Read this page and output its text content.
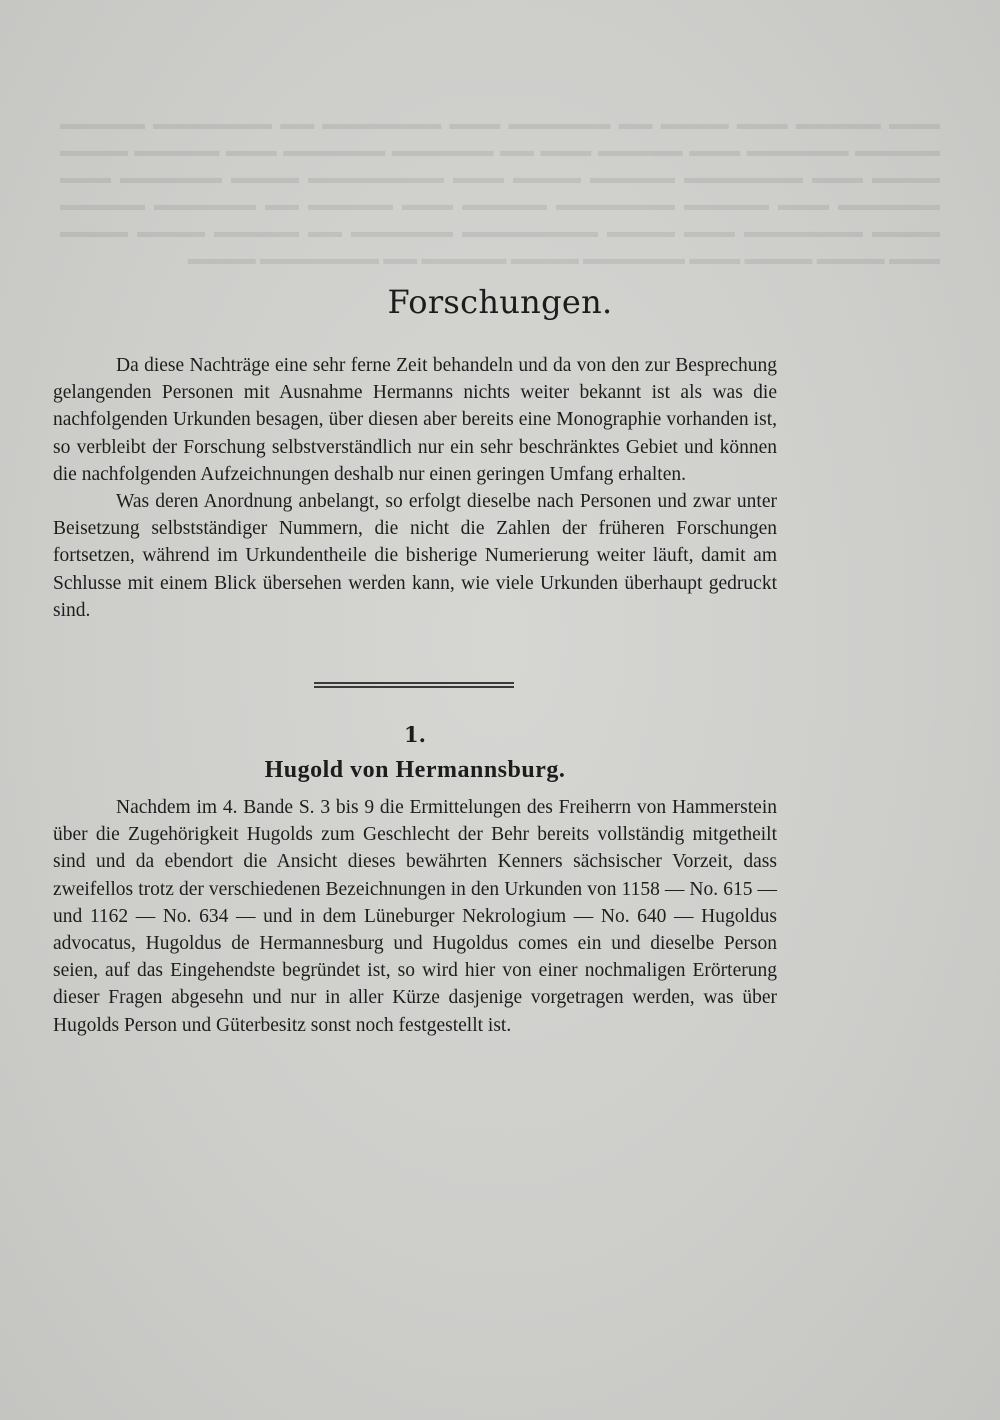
▬▬▬ ▬▬▬▬▬ ▬▬▬ ▬▬▬▬ ▬▬ ▬▬▬▬▬▬ ▬▬▬ ▬▬▬▬▬▬▬ ▬▬ ▬▬▬▬▬▬▬ ▬▬▬▬▬ ▬▬▬▬▬ ▬▬▬▬▬▬ ▬▬▬ ▬▬▬▬▬ ▬▬▬ ▬▬ ▬▬▬▬▬▬ ▬▬▬▬▬▬ ▬▬▬ ▬▬▬▬▬ ▬▬▬▬ ▬▬▬▬ ▬▬▬ ▬▬▬▬▬▬▬ ▬▬▬▬▬ ▬▬▬▬ ▬▬▬ ▬▬▬▬▬▬▬▬ ▬▬▬▬ ▬▬▬▬▬▬ ▬▬▬ ▬▬▬▬▬▬ ▬▬▬ ▬▬▬▬▬ ▬▬▬▬▬▬▬ ▬▬▬▬▬ ▬▬▬ ▬▬▬▬▬ ▬▬ ▬▬▬▬▬▬ ▬▬▬▬▬ ▬▬▬▬ ▬▬▬▬▬▬▬ ▬▬▬ ▬▬▬▬ ▬▬▬▬▬▬▬▬ ▬▬▬▬▬▬ ▬▬ ▬▬▬▬▬ ▬▬▬▬ ▬▬▬▬ ▬▬▬ ▬▬▬▬ ▬▬▬▬ ▬▬▬ ▬▬▬▬▬▬ ▬▬▬▬ ▬▬▬▬▬ ▬▬ ▬▬▬▬▬▬▬ ▬▬▬▬
Forschungen.

Da diese Nachträge eine sehr ferne Zeit behandeln und da von den zur Besprechung gelangenden Personen mit Ausnahme Hermanns nichts weiter bekannt ist als was die nachfolgenden Urkunden besagen, über diesen aber bereits eine Monographie vorhanden ist, so verbleibt der Forschung selbstverständlich nur ein sehr beschränktes Gebiet und können die nachfolgenden Aufzeichnungen deshalb nur einen geringen Umfang erhalten.

Was deren Anordnung anbelangt, so erfolgt dieselbe nach Personen und zwar unter Beisetzung selbstständiger Nummern, die nicht die Zahlen der früheren Forschungen fortsetzen, während im Urkundentheile die bisherige Numerierung weiter läuft, damit am Schlusse mit einem Blick übersehen werden kann, wie viele Urkunden überhaupt gedruckt sind.

1.
Hugold von Hermannsburg.

Nachdem im 4. Bande S. 3 bis 9 die Ermittelungen des Freiherrn von Hammerstein über die Zugehörigkeit Hugolds zum Geschlecht der Behr bereits vollständig mitgetheilt sind und da ebendort die Ansicht dieses bewährten Kenners sächsischer Vorzeit, dass zweifellos trotz der verschiedenen Bezeichnungen in den Urkunden von 1158 — No. 615 — und 1162 — No. 634 — und in dem Lüneburger Nekrologium — No. 640 — Hugoldus advocatus, Hugoldus de Hermannesburg und Hugoldus comes ein und dieselbe Person seien, auf das Eingehendste begründet ist, so wird hier von einer nochmaligen Erörterung dieser Fragen abgesehn und nur in aller Kürze dasjenige vorgetragen werden, was über Hugolds Person und Güterbesitz sonst noch festgestellt ist.
